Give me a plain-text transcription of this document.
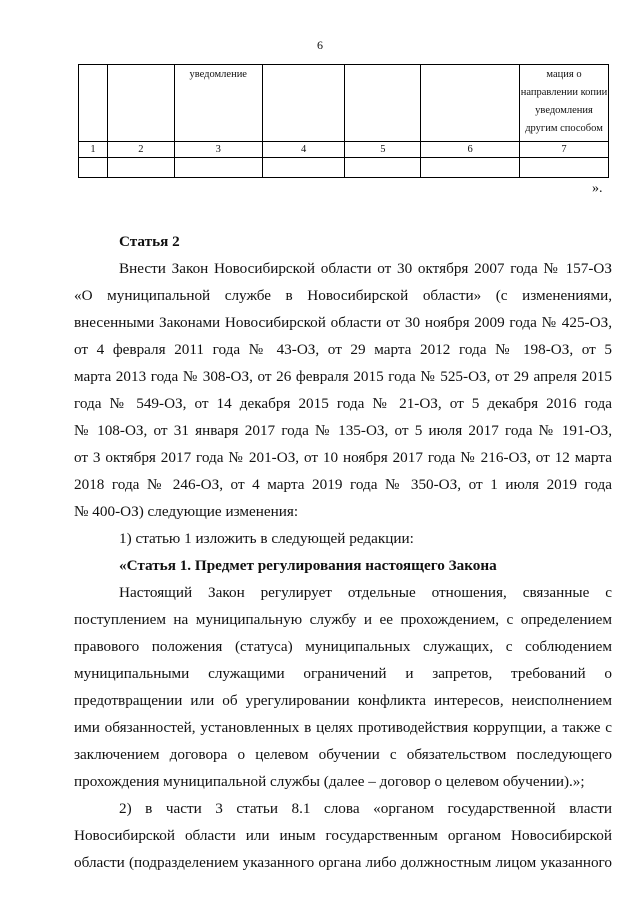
6

		уведомление				мация о
направлении копии
уведомления
другим способом

1	2	3	4	5	6	7

».

Статья 2

Внести Закон Новосибирской области от 30 октября 2007 года № 157-ОЗ

«О муниципальной службе в Новосибирской области» (с изменениями,

внесенными Законами Новосибирской области от 30 ноября 2009 года № 425-ОЗ,

от 4 февраля 2011 года № 43-ОЗ, от 29 марта 2012 года № 198-ОЗ, от 5

марта 2013 года № 308-ОЗ, от 26 февраля 2015 года № 525-ОЗ, от 29 апреля 2015

года № 549-ОЗ, от 14 декабря 2015 года № 21-ОЗ, от 5 декабря 2016 года

№ 108-ОЗ, от 31 января 2017 года № 135-ОЗ, от 5 июля 2017 года № 191-ОЗ,

от 3 октября 2017 года № 201-ОЗ, от 10 ноября 2017 года № 216-ОЗ, от 12 марта

2018 года № 246-ОЗ, от 4 марта 2019 года № 350-ОЗ, от 1 июля 2019 года

№ 400-ОЗ) следующие изменения:

1) статью 1 изложить в следующей редакции:

«Статья 1. Предмет регулирования настоящего Закона

Настоящий Закон регулирует отдельные отношения, связанные с

поступлением на муниципальную службу и ее прохождением, с определением

правового положения (статуса) муниципальных служащих, с соблюдением

муниципальными служащими ограничений и запретов, требований о

предотвращении или об урегулировании конфликта интересов, неисполнением

ими обязанностей, установленных в целях противодействия коррупции, а также с

заключением договора о целевом обучении с обязательством последующего

прохождения муниципальной службы (далее – договор о целевом обучении).»;

2) в части 3 статьи 8.1 слова «органом государственной власти

Новосибирской области или иным государственным органом Новосибирской

области (подразделением указанного органа либо должностным лицом указанного
